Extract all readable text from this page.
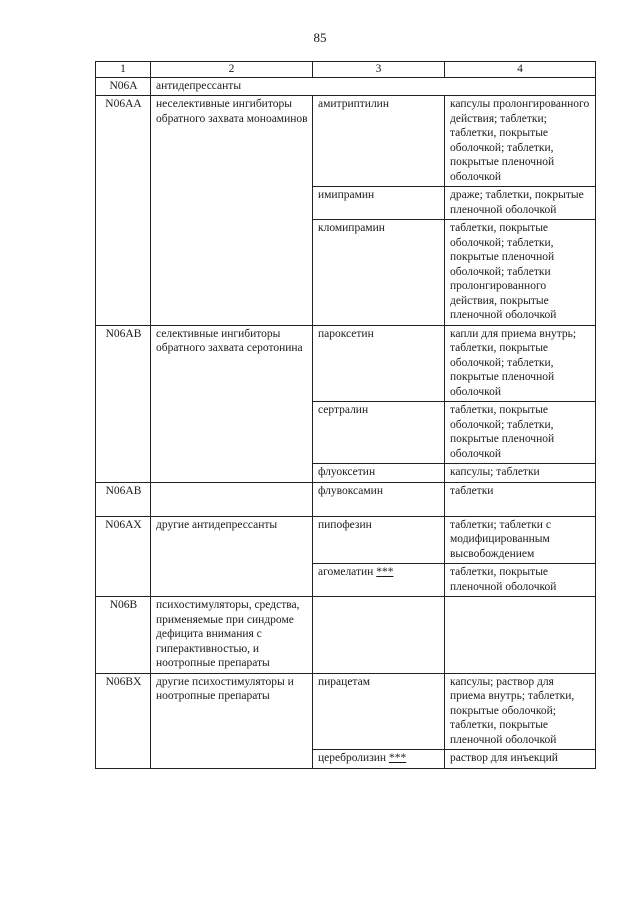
85
1	2	3	4
N06A	антидепрессанты		
N06AA	неселективные ингибиторы обратного захвата моноаминов	амитриптилин	капсулы пролонгированного действия; таблетки; таблетки, покрытые оболочкой; таблетки, покрытые пленочной оболочкой
		имипрамин	драже; таблетки, покрытые пленочной оболочкой
		кломипрамин	таблетки, покрытые оболочкой; таблетки, покрытые пленочной оболочкой; таблетки пролонгированного действия, покрытые пленочной оболочкой
N06AB	селективные ингибиторы обратного захвата серотонина	пароксетин	капли для приема внутрь; таблетки, покрытые оболочкой; таблетки, покрытые пленочной оболочкой
		сертралин	таблетки, покрытые оболочкой; таблетки, покрытые пленочной оболочкой
		флуоксетин	капсулы; таблетки
N06AB		флувоксамин	таблетки
N06AX	другие антидепрессанты	пипофезин	таблетки; таблетки с модифицированным высвобождением
		агомелатин ***	таблетки, покрытые пленочной оболочкой
N06B	психостимуляторы, средства, применяемые при синдроме дефицита внимания с гиперактивностью, и ноотропные препараты		
N06BX	другие психостимуляторы и ноотропные препараты	пирацетам	капсулы; раствор для приема внутрь; таблетки, покрытые оболочкой; таблетки, покрытые пленочной оболочкой
		церебролизин ***	раствор для инъекций
